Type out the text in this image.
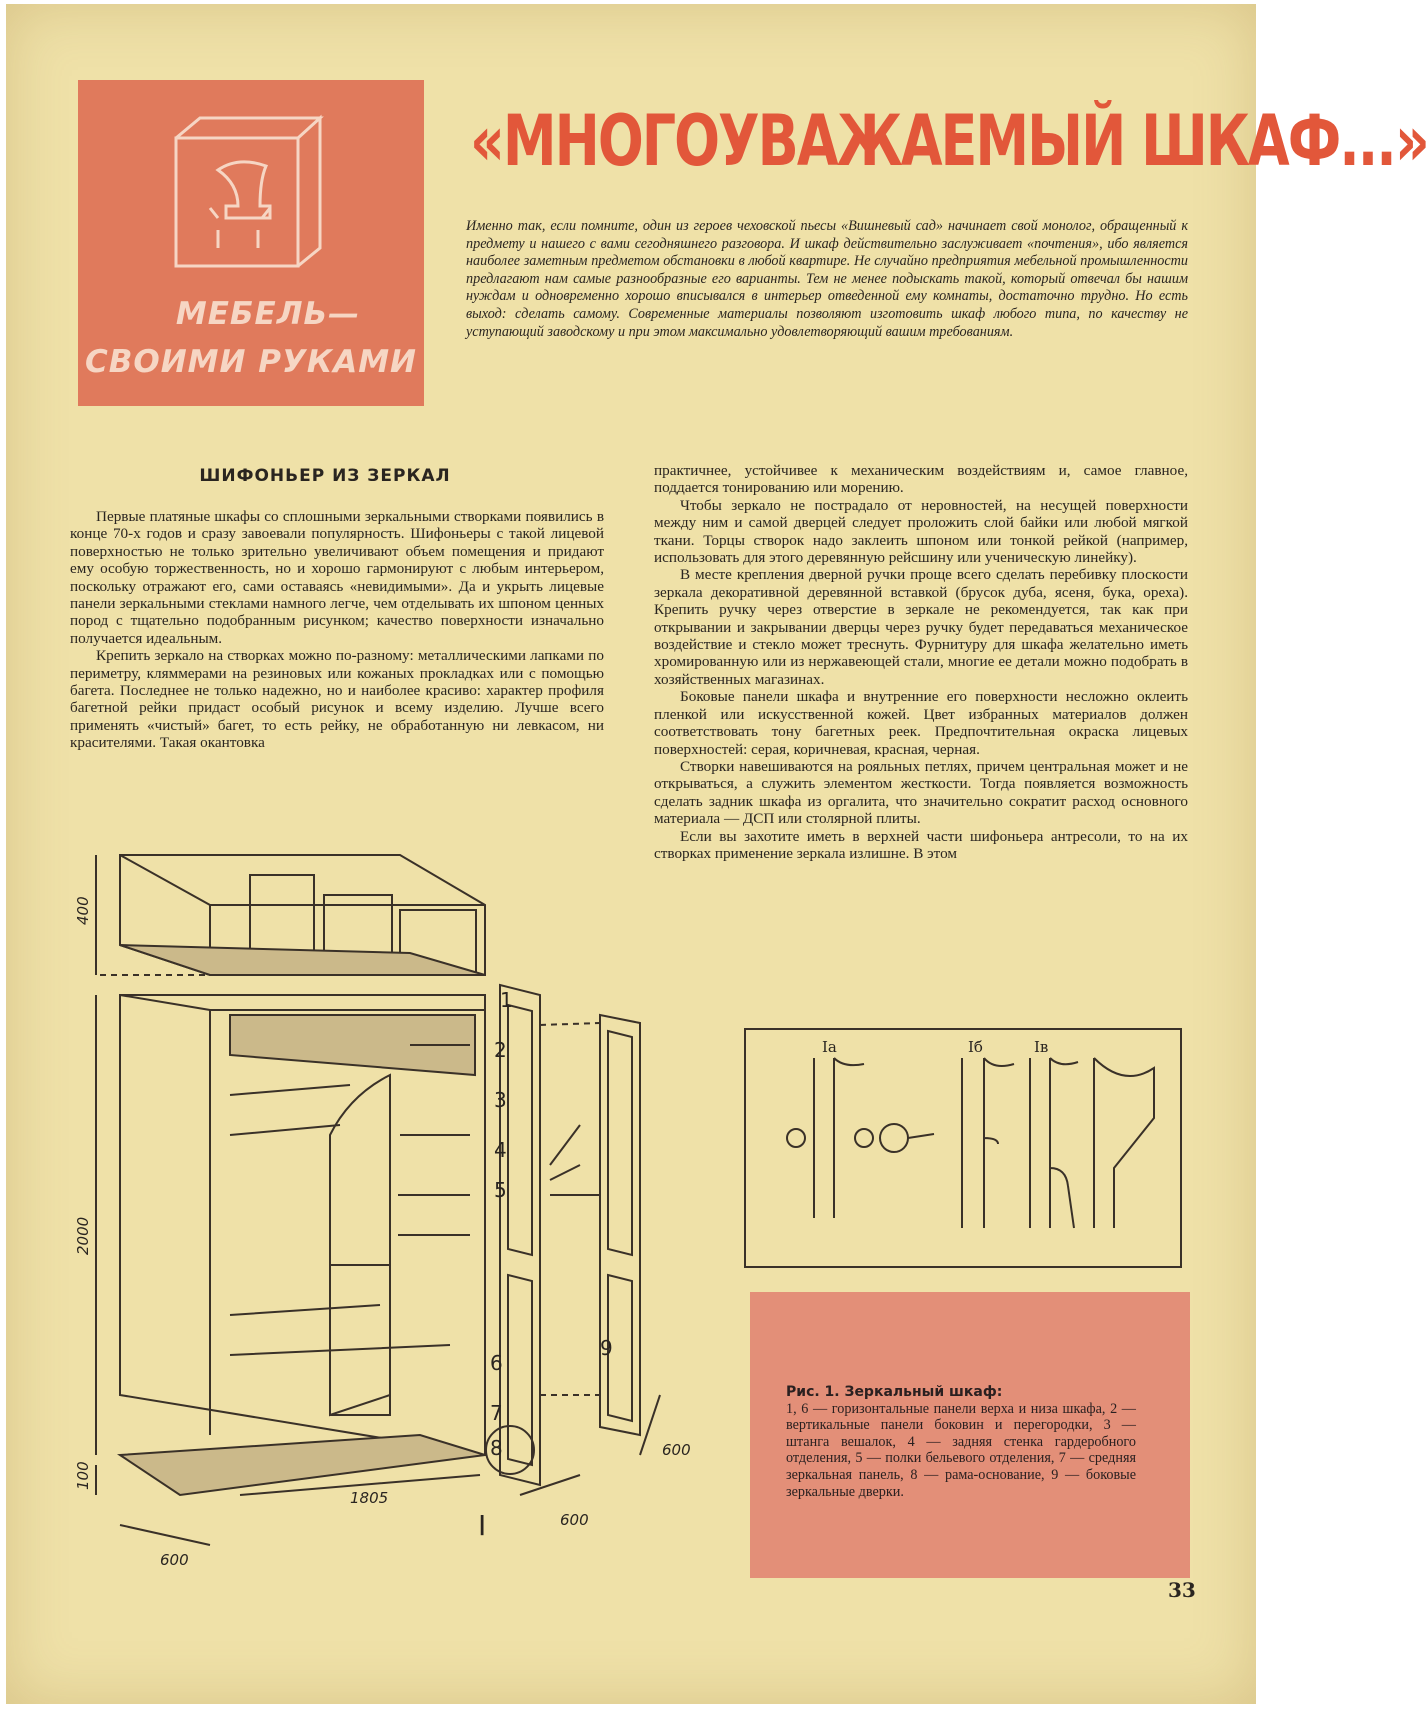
МЕБЕЛЬ—
СВОИМИ РУКАМИ
«МНОГОУВАЖАЕМЫЙ ШКАФ...»
Именно так, если помните, один из героев чеховской пьесы «Вишневый сад» начинает свой монолог, обращенный к предмету и нашего с вами сегодняшнего разговора. И шкаф действительно заслуживает «почтения», ибо является наиболее заметным предметом обстановки в любой квартире. Не случайно предприятия мебельной промышленности предлагают нам самые разнообразные его варианты. Тем не менее подыскать такой, который отвечал бы нашим нуждам и одновременно хорошо вписывался в интерьер отведенной ему комнаты, достаточно трудно. Но есть выход: сделать самому. Современные материалы позволяют изготовить шкаф любого типа, по качеству не уступающий заводскому и при этом максимально удовлетворяющий вашим требованиям.
ШИФОНЬЕР ИЗ ЗЕРКАЛ

Первые платяные шкафы со сплошными зеркальными створками появились в конце 70-х годов и сразу завоевали популярность. Шифоньеры с такой лицевой поверхностью не только зрительно увеличивают объем помещения и придают ему особую торжественность, но и хорошо гармонируют с любым интерьером, поскольку отражают его, сами оставаясь «невидимыми». Да и укрыть лицевые панели зеркальными стеклами намного легче, чем отделывать их шпоном ценных пород с тщательно подобранным рисунком; качество поверхности изначально получается идеальным.

Крепить зеркало на створках можно по-разному: металлическими лапками по периметру, кляммерами на резиновых или кожаных прокладках или с помощью багета. Последнее не только надежно, но и наиболее красиво: характер профиля багетной рейки придаст особый рисунок и всему изделию. Лучше всего применять «чистый» багет, то есть рейку, не обработанную ни левкасом, ни красителями. Такая окантовка

практичнее, устойчивее к механическим воздействиям и, самое главное, поддается тонированию или морению.

Чтобы зеркало не пострадало от неровностей, на несущей поверхности между ним и самой дверцей следует проложить слой байки или любой мягкой ткани. Торцы створок надо заклеить шпоном или тонкой рейкой (например, использовать для этого деревянную рейсшину или ученическую линейку).

В месте крепления дверной ручки проще всего сделать перебивку плоскости зеркала декоративной деревянной вставкой (брусок дуба, ясеня, бука, ореха). Крепить ручку через отверстие в зеркале не рекомендуется, так как при открывании и закрывании дверцы через ручку будет передаваться механическое воздействие и стекло может треснуть. Фурнитуру для шкафа желательно иметь хромированную или из нержавеющей стали, многие ее детали можно подобрать в хозяйственных магазинах.

Боковые панели шкафа и внутренние его поверхности несложно оклеить пленкой или искусственной кожей. Цвет избранных материалов должен соответствовать тону багетных реек. Предпочтительная окраска лицевых поверхностей: серая, коричневая, красная, черная.

Створки навешиваются на рояльных петлях, причем центральная может и не открываться, а служить элементом жесткости. Тогда появляется возможность сделать задник шкафа из оргалита, что значительно сократит расход основного материала — ДСП или столярной плиты.

Если вы захотите иметь в верхней части шифоньера антресоли, то на их створках применение зеркала излишне. В этом

400
2000
100
600
1805
600
600
1
2
3
4
5
6
7
8
9
I
Iа	Iб	Iв
Рис. 1. Зеркальный шкаф:
1, 6 — горизонтальные панели верха и низа шкафа, 2 — вертикальные панели боковин и перегородки, 3 — штанга вешалок, 4 — задняя стенка гардеробного отделения, 5 — полки бельевого отделения, 7 — средняя зеркальная панель, 8 — рама-основание, 9 — боковые зеркальные дверки.
33
